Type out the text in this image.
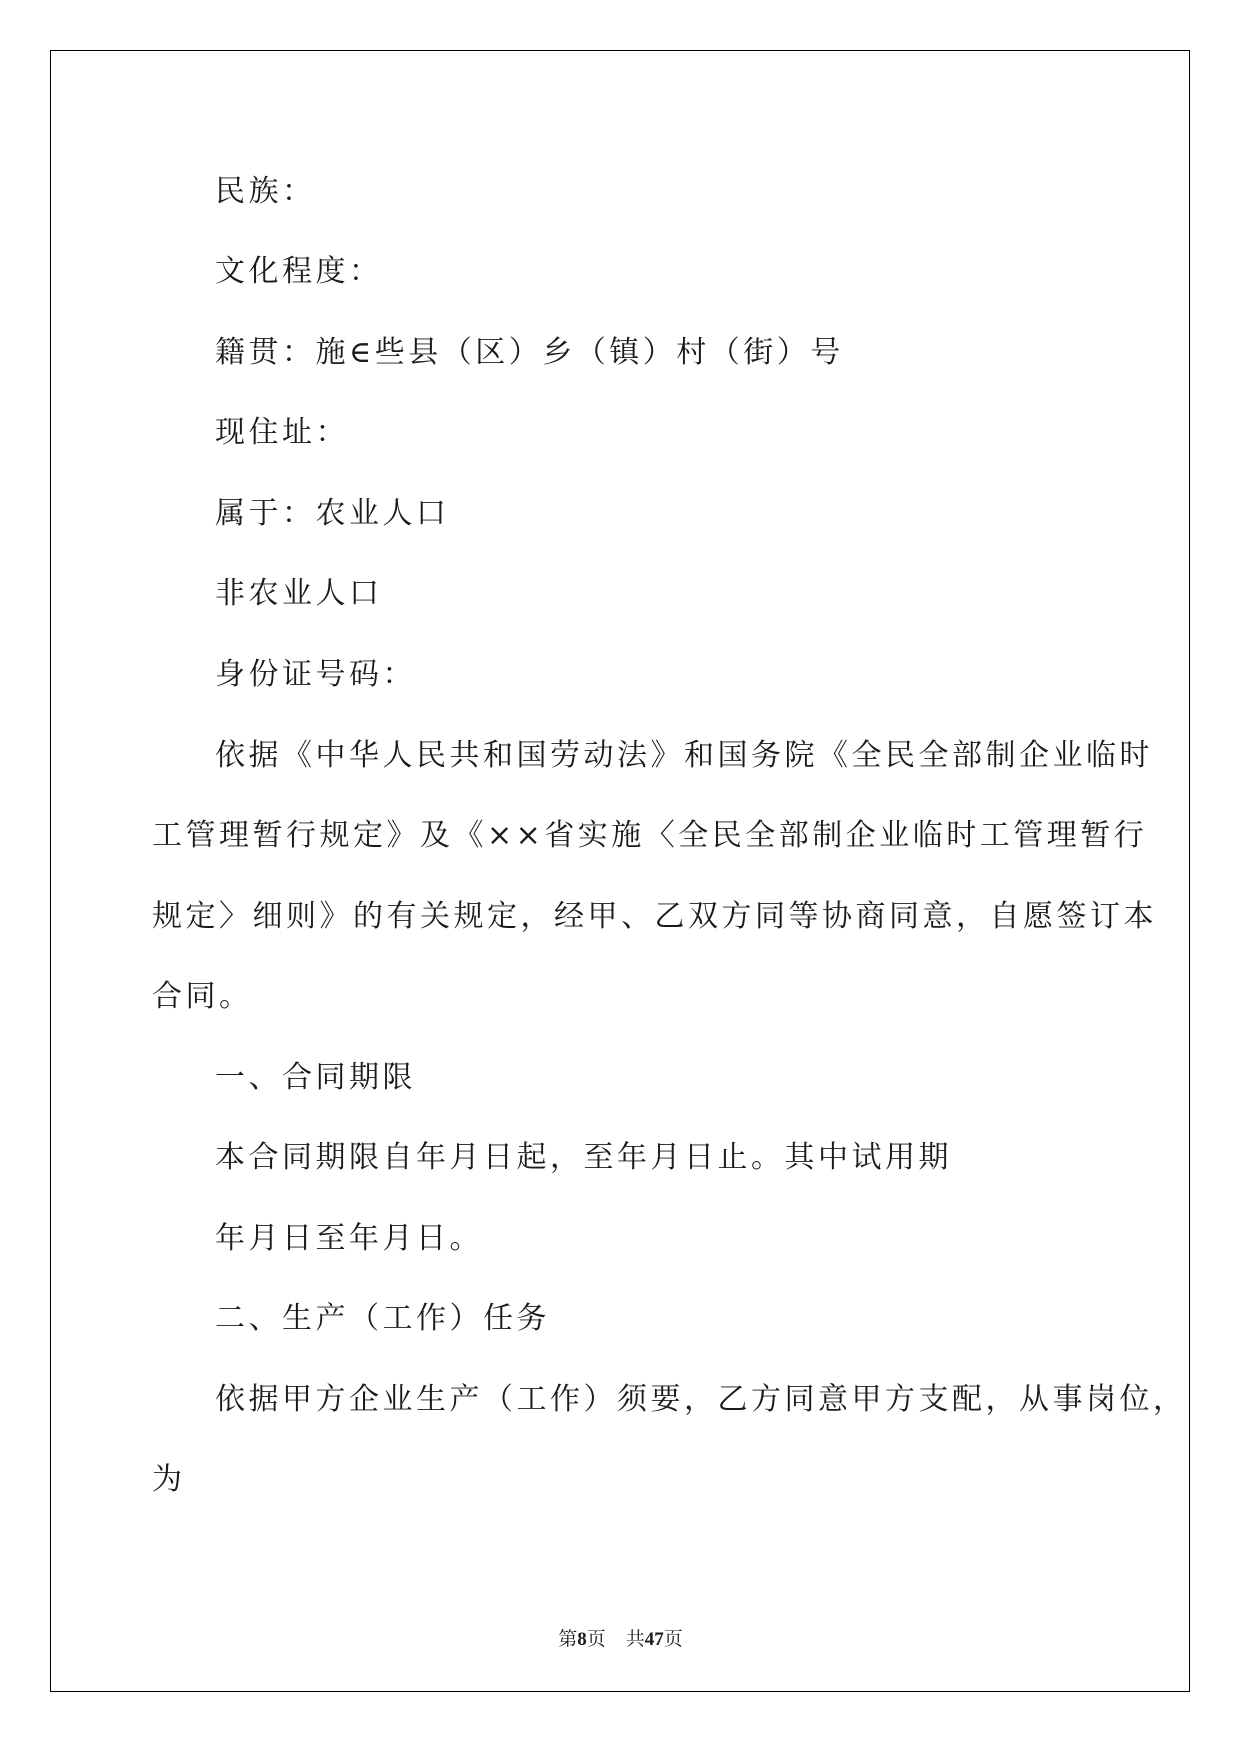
民族：
文化程度：
籍贯：施∈些县（区）乡（镇）村（街）号
现住址：
属于：农业人口
非农业人口
身份证号码：
依据《中华人民共和国劳动法》和国务院《全民全部制企业临时
工管理暂行规定》及《××省实施〈全民全部制企业临时工管理暂行
规定〉细则》的有关规定，经甲、乙双方同等协商同意，自愿签订本
合同。
一、合同期限
本合同期限自年月日起，至年月日止。其中试用期
年月日至年月日。
二、生产（工作）任务
依据甲方企业生产（工作）须要，乙方同意甲方支配，从事岗位，
为
第8页 共47页
